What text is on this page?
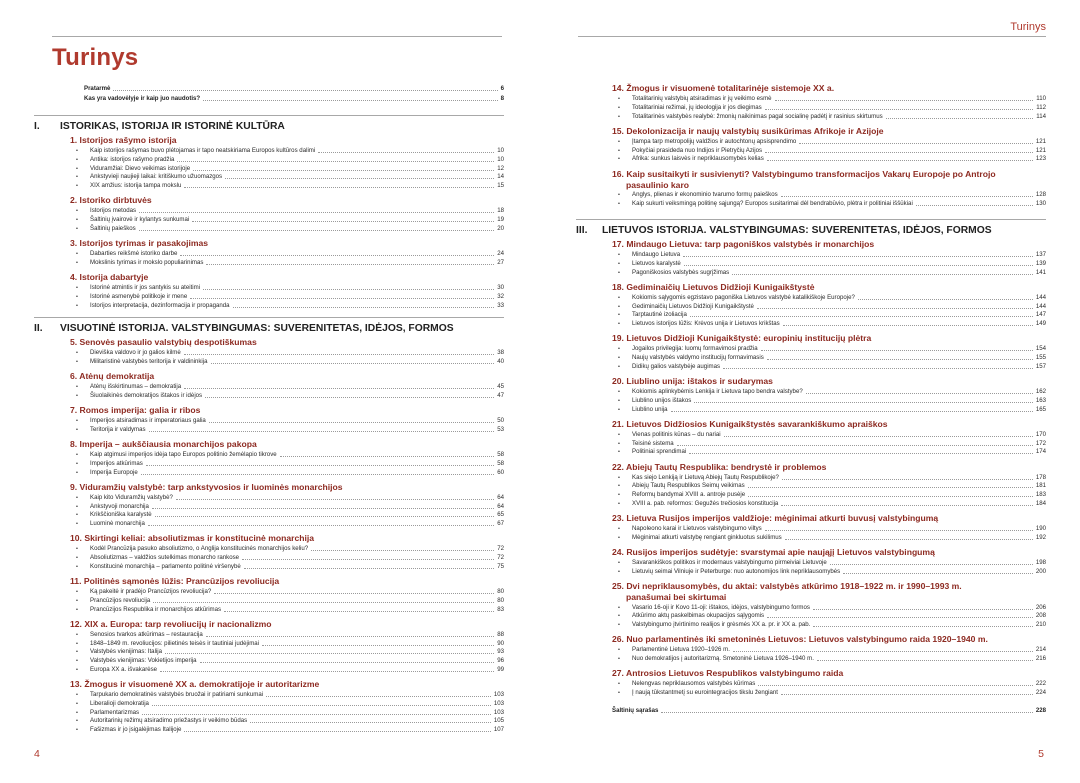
Turinys
Turinys
4	5
Pratarmė	6
Kas yra vadovėlyje ir kaip juo naudotis?	8
I. ISTORIKAS, ISTORIJA IR ISTORINĖ KULTŪRA
1. Istorijos rašymo istorija
•	Kaip istorijos rašymas buvo plėtojamas ir tapo neatskiriama Europos kultūros dalimi	10
•	Antika: istorijos rašymo pradžia	10
•	Viduramžiai: Dievo veikimas istorijoje	12
•	Ankstyvieji naujieji laikai: kritiškumo užuomazgos	14
•	XIX amžius: istorija tampa mokslu	15
2. Istoriko dirbtuvės
•	Istorijos metodas	18
•	Šaltinių įvairovė ir kylantys sunkumai	19
•	Šaltinių paieškos	20
3. Istorijos tyrimas ir pasakojimas
•	Dabarties reikšmė istoriko darbe	24
•	Mokslinis tyrimas ir mokslo populiarinimas	27
4. Istorija dabartyje
•	Istorinė atmintis ir jos santykis su ateitimi	30
•	Istorinė asmenybė politikoje ir mene	32
•	Istorijos interpretacija, dezinformacija ir propaganda	33
II. VISUOTINĖ ISTORIJA. VALSTYBINGUMAS: SUVERENITETAS, IDĖJOS, FORMOS
5. Senovės pasaulio valstybių despotiškumas
•	Dieviška valdovo ir jo galios kilmė	38
•	Militaristinė valstybės teritorija ir valdininkija	40
6. Atėnų demokratija
•	Atėnų išskirtinumas – demokratija	45
•	Šiuolaikinės demokratijos ištakos ir idėjos	47
7. Romos imperija: galia ir ribos
•	Imperijos atsiradimas ir imperatoriaus galia	50
•	Teritorija ir valdymas	53
8. Imperija – aukščiausia monarchijos pakopa
•	Kaip atgimusi imperijos idėja tapo Europos politinio žemėlapio tikrove	58
•	Imperijos atkūrimas	58
•	Imperija Europoje	60
9. Viduramžių valstybė: tarp ankstyvosios ir luominės monarchijos
•	Kaip kito Viduramžių valstybė?	64
•	Ankstyvoji monarchija	64
•	Krikščioniška karalystė	65
•	Luominė monarchija	67
10. Skirtingi keliai: absoliutizmas ir konstitucinė monarchija
•	Kodėl Prancūzija pasuko absoliutizmo, o Anglija konstitucinės monarchijos keliu?	72
•	Absoliutizmas – valdžios sutelkimas monarcho rankose	72
•	Konstitucinė monarchija – parlamento politinė viršenybė	75
11. Politinės sąmonės lūžis: Prancūzijos revoliucija
•	Ką pakeitė ir pradėjo Prancūzijos revoliucija?	80
•	Prancūzijos revoliucija	80
•	Prancūzijos Respublika ir monarchijos atkūrimas	83
12. XIX a. Europa: tarp revoliucijų ir nacionalizmo
•	Senosios tvarkos atkūrimas – restauracija	88
•	1848–1849 m. revoliucijos: pilietinės teisės ir tautiniai judėjimai	90
•	Valstybės vienijimas: Italija	93
•	Valstybės vienijimas: Vokietijos imperija	96
•	Europa XX a. išvakarėse	99
13. Žmogus ir visuomenė XX a. demokratijoje ir autoritarizme
•	Tarpukario demokratinės valstybės bruožai ir patiriami sunkumai	103
•	Liberalioji demokratija	103
•	Parlamentarizmas	103
•	Autoritarinių režimų atsiradimo priežastys ir veikimo būdas	105
•	Fašizmas ir jo įsigalėjimas Italijoje	107
14. Žmogus ir visuomenė totalitarinėje sistemoje XX a.
•	Totalitarinių valstybių atsiradimas ir jų veikimo esmė	110
•	Totalitariniai režimai, jų ideologija ir jos diegimas	112
•	Totalitarinės valstybės realybė: žmonių naikinimas pagal socialinę padėtį ir rasinius skirtumus	114
15. Dekolonizacija ir naujų valstybių susikūrimas Afrikoje ir Azijoje
•	Įtampa tarp metropolijų valdžios ir autochtonų apsisprendimo	121
•	Pokyčiai prasideda nuo Indijos ir Pietryčių Azijos	121
•	Afrika: sunkus laisvės ir nepriklausomybės kelias	123
16. Kaip susitaikyti ir susivienyti? Valstybingumo transformacijos Vakarų Europoje po Antrojo
pasaulinio karo
•	Anglys, plienas ir ekonominio tvarumo formų paieškos	128
•	Kaip sukurti veiksmingą politinę sąjungą? Europos susitarimai dėl bendrabūvio, plėtra ir politiniai iššūkiai	130
III. LIETUVOS ISTORIJA. VALSTYBINGUMAS: SUVERENITETAS, IDĖJOS, FORMOS
17. Mindaugo Lietuva: tarp pagoniškos valstybės ir monarchijos
•	Mindaugo Lietuva	137
•	Lietuvos karalystė	139
•	Pagoniškosios valstybės sugrįžimas	141
18. Gediminaičių Lietuvos Didžioji Kunigaikštystė
•	Kokiomis sąlygomis egzistavo pagoniška Lietuvos valstybė katalikiškoje Europoje?	144
•	Gediminaičių Lietuvos Didžioji Kunigaikštystė	144
•	Tarptautinė izoliacija	147
•	Lietuvos istorijos lūžis: Krėvos unija ir Lietuvos krikštas	149
19. Lietuvos Didžioji Kunigaikštystė: europinių institucijų plėtra
•	Jogailos privilegija: luomų formavimosi pradžia	154
•	Naujų valstybės valdymo institucijų formavimasis	155
•	Didikų galios valstybėje augimas	157
20. Liublino unija: ištakos ir sudarymas
•	Kokiomis aplinkybėmis Lenkija ir Lietuva tapo bendra valstybe?	162
•	Liublino unijos ištakos	163
•	Liublino unija	165
21. Lietuvos Didžiosios Kunigaikštystės savarankiškumo apraiškos
•	Vienas politinis kūnas – du nariai	170
•	Teisinė sistema	172
•	Politiniai sprendimai	174
22. Abiejų Tautų Respublika: bendrystė ir problemos
•	Kas siejo Lenkiją ir Lietuvą Abiejų Tautų Respublikoje?	178
•	Abiejų Tautų Respublikos Seimų veikimas	181
•	Reformų bandymai XVIII a. antroje pusėje	183
•	XVIII a. pab. reformos: Gegužės trečiosios konstitucija	184
23. Lietuva Rusijos imperijos valdžioje: mėginimai atkurti buvusį valstybingumą
•	Napoleono karai ir Lietuvos valstybingumo viltys	190
•	Mėginimai atkurti valstybę rengiant ginkluotus sukilimus	192
24. Rusijos imperijos sudėtyje: svarstymai apie naująjį Lietuvos valstybingumą
•	Savarankiškos politikos ir modernaus valstybingumo pirmeiviai Lietuvoje	198
•	Lietuvių seimai Vilniuje ir Peterburge: nuo autonomijos link nepriklausomybės	200
25. Dvi nepriklausomybės, du aktai: valstybės atkūrimo 1918–1922 m. ir 1990–1993 m.
panašumai bei skirtumai
•	Vasario 16-oji ir Kovo 11-oji: ištakos, idėjos, valstybingumo formos	206
•	Atkūrimo aktų paskelbimas okupacijos sąlygomis	208
•	Valstybingumo įtvirtinimo realijos ir grėsmės XX a. pr. ir XX a. pab.	210
26. Nuo parlamentinės iki smetoninės Lietuvos: Lietuvos valstybingumo raida 1920–1940 m.
•	Parlamentinė Lietuva 1920–1926 m.	214
•	Nuo demokratijos į autoritarizmą. Smetoninė Lietuva 1926–1940 m.	216
27. Antrosios Lietuvos Respublikos valstybingumo raida
•	Nelengvas nepriklausomos valstybės kūrimas	222
•	Į naują tūkstantmetį su eurointegracijos tikslu žengiant	224
Šaltinių sąrašas	228
